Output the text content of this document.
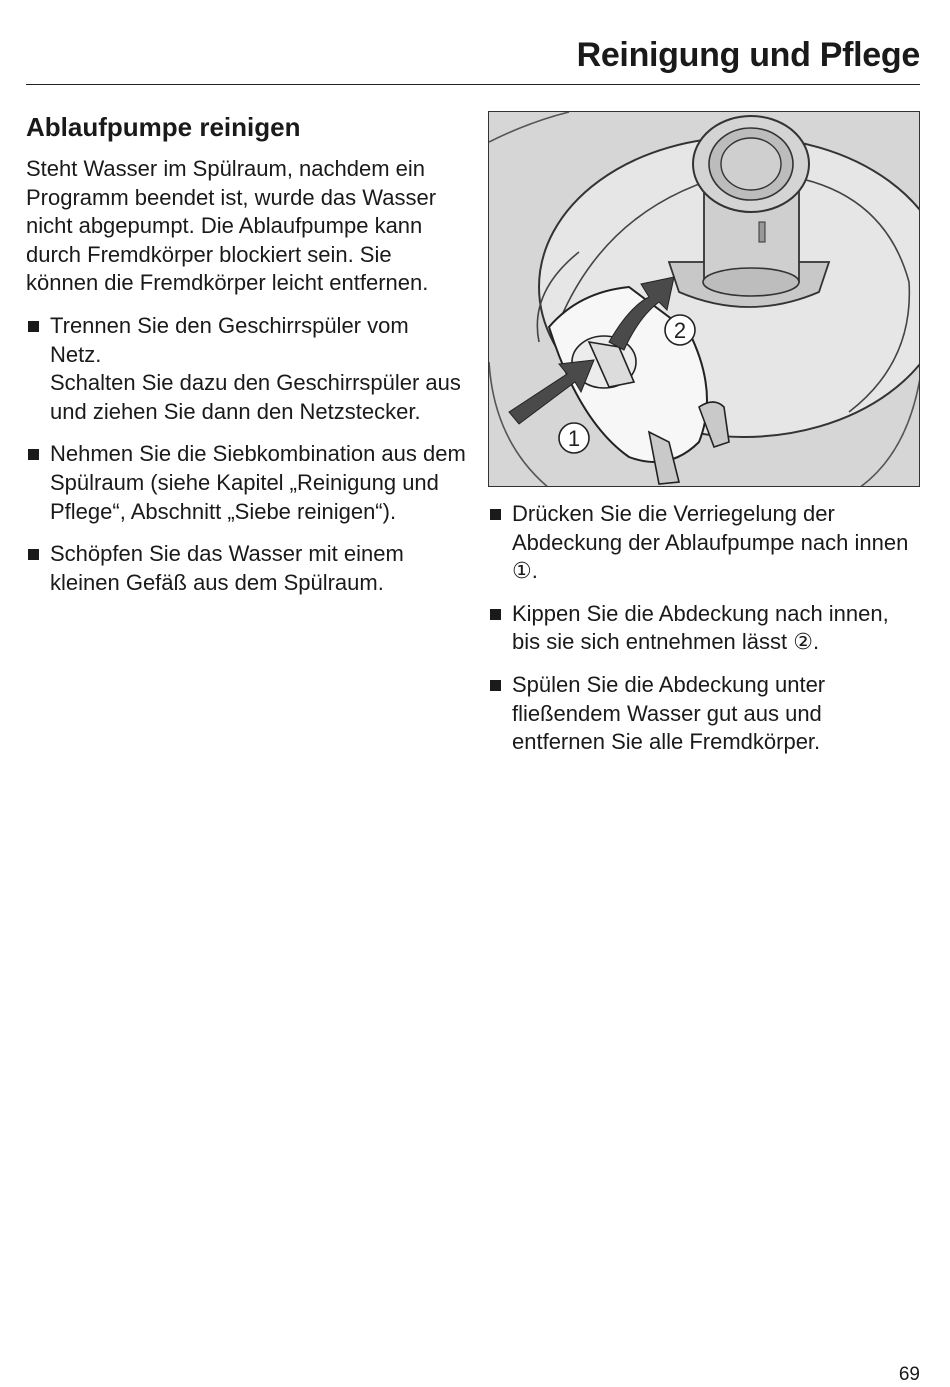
Reinigung und Pflege
Ablaufpumpe reinigen

Steht Wasser im Spülraum, nachdem ein Programm beendet ist, wurde das Wasser nicht abgepumpt. Die Ablaufpumpe kann durch Fremdkörper blockiert sein. Sie können die Fremdkörper leicht entfernen.

Trennen Sie den Geschirrspüler vom Netz.
Schalten Sie dazu den Geschirrspüler aus und ziehen Sie dann den Netzstecker.
Nehmen Sie die Siebkombination aus dem Spülraum (siehe Kapitel „Reinigung und Pflege“, Abschnitt „Siebe reinigen“).
Schöpfen Sie das Wasser mit einem kleinen Gefäß aus dem Spülraum.
1
2
Drücken Sie die Verriegelung der Abdeckung der Ablaufpumpe nach innen ①.
Kippen Sie die Abdeckung nach innen, bis sie sich entnehmen lässt ②.
Spülen Sie die Abdeckung unter fließendem Wasser gut aus und entfernen Sie alle Fremdkörper.
69
